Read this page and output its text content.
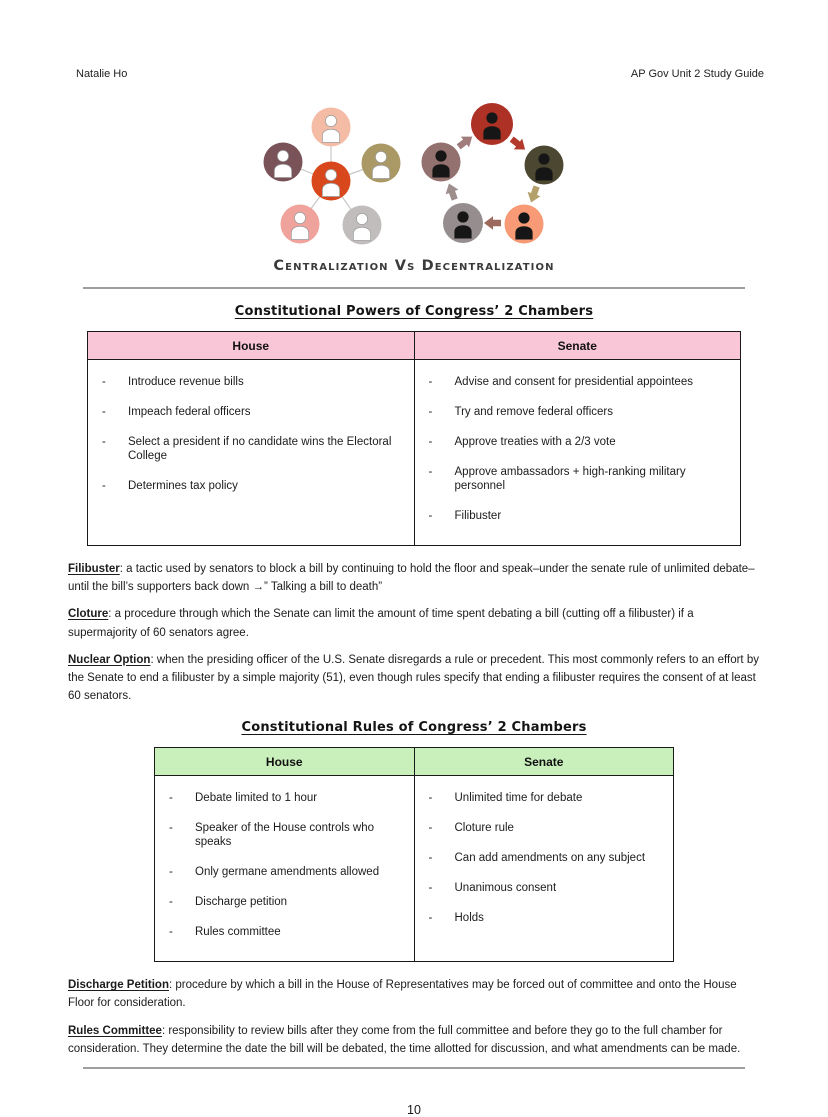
Natalie Ho	AP Gov Unit 2 Study Guide
Centralization Vs Decentralization
Constitutional Powers of Congress’ 2 Chambers
House	Senate

- Introduce revenue bills
- Impeach federal officers
- Select a president if no candidate wins the Electoral College
- Determines tax policy

- Advise and consent for presidential appointees
- Try and remove federal officers
- Approve treaties with a 2/3 vote
- Approve ambassadors + high-ranking military personnel
- Filibuster

Filibuster: a tactic used by senators to block a bill by continuing to hold the floor and speak–under the senate rule of unlimited debate–until the bill’s supporters back down →” Talking a bill to death”

Cloture: a procedure through which the Senate can limit the amount of time spent debating a bill (cutting off a filibuster) if a supermajority of 60 senators agree.

Nuclear Option: when the presiding officer of the U.S. Senate disregards a rule or precedent. This most commonly refers to an effort by the Senate to end a filibuster by a simple majority (51), even though rules specify that ending a filibuster requires the consent of at least 60 senators.

Constitutional Rules of Congress’ 2 Chambers
House	Senate

- Debate limited to 1 hour
- Speaker of the House controls who speaks
- Only germane amendments allowed
- Discharge petition
- Rules committee

- Unlimited time for debate
- Cloture rule
- Can add amendments on any subject
- Unanimous consent
- Holds

Discharge Petition: procedure by which a bill in the House of Representatives may be forced out of committee and onto the House Floor for consideration.

Rules Committee: responsibility to review bills after they come from the full committee and before they go to the full chamber for consideration. They determine the date the bill will be debated, the time allotted for discussion, and what amendments can be made.

10
